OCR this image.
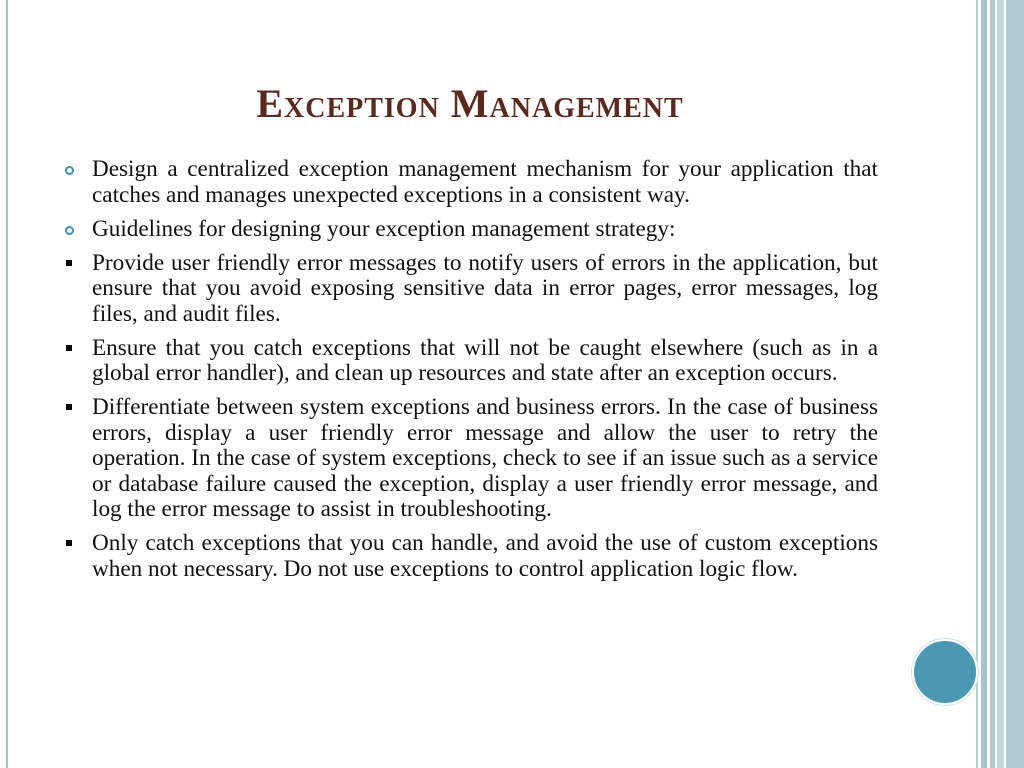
Exception Management
Design a centralized exception management mechanism for your application that catches and manages unexpected exceptions in a consistent way.
Guidelines for designing your exception management strategy:
Provide user friendly error messages to notify users of errors in the application, but ensure that you avoid exposing sensitive data in error pages, error messages, log files, and audit files.
Ensure that you catch exceptions that will not be caught elsewhere (such as in a global error handler), and clean up resources and state after an exception occurs.
Differentiate between system exceptions and business errors. In the case of business errors, display a user friendly error message and allow the user to retry the operation. In the case of system exceptions, check to see if an issue such as a service or database failure caused the exception, display a user friendly error message, and log the error message to assist in troubleshooting.
Only catch exceptions that you can handle, and avoid the use of custom exceptions when not necessary. Do not use exceptions to control application logic flow.
